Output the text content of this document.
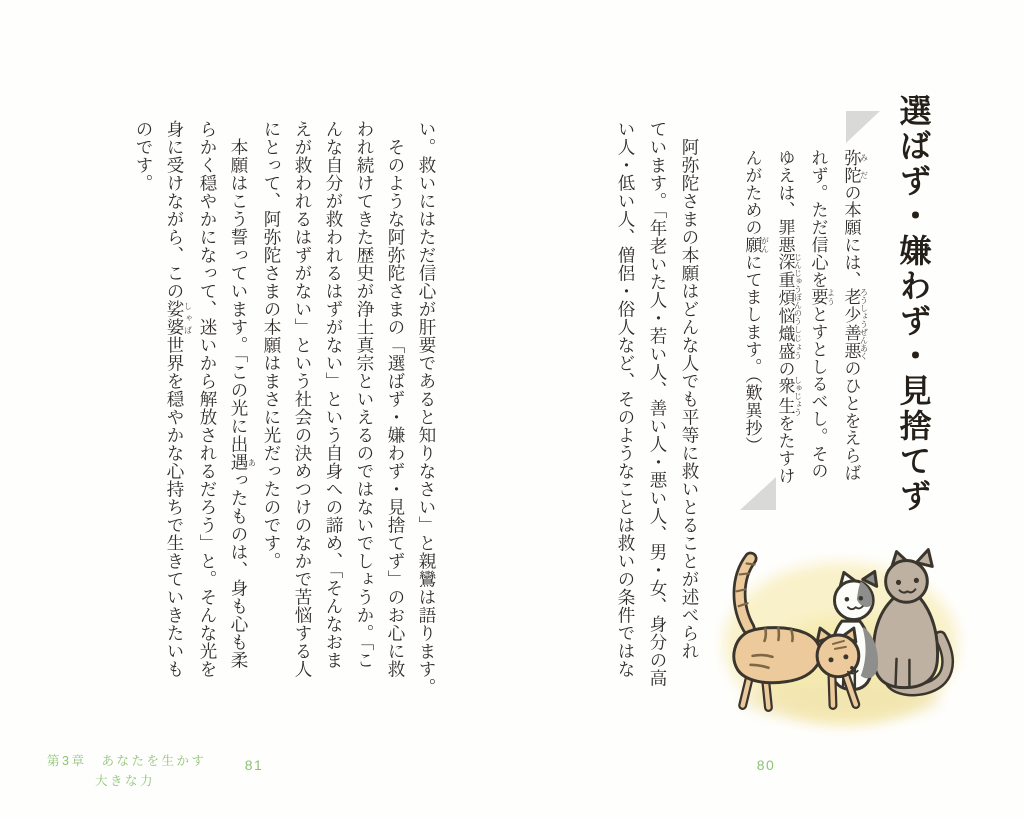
選ばず・嫌わず・見捨てず

弥陀 みだの本願には、老少善悪 ろうしょうぜんあくのひとをえらば

れず。ただ信心を要 ようとすとしるべし。その

ゆえは、罪悪深重煩悩 じんじゅうぼんのう熾盛 しじょうの衆生 しゅじょうをたすけ

んがための願 がんにてまします。（歎異抄）

　阿弥陀さまの本願はどんな人でも平等に救いとることが述べられ

ています。「年老いた人・若い人、善い人・悪い人、男・女、身分の高

い人・低い人、僧侶・俗人など、そのようなことは救いの条件ではな

80

い。救いにはただ信心が肝要であると知りなさい」と親鸞は語ります。

　そのような阿弥陀さまの「選ばず・嫌わず・見捨てず」のお心に救

われ続けてきた歴史が浄土真宗といえるのではないでしょうか。「こ

んな自分が救われるはずがない」という自身への諦め、「そんなおま

えが救われるはずがない」という社会の決めつけのなかで苦悩する人

にとって、阿弥陀さまの本願はまさに光だったのです。

　本願はこう誓っています。「この光に出遇あったものは、身も心も柔

らかく穏やかになって、迷いから解放されるだろう」と。そんな光を

身に受けながら、この娑婆しゃば世界を穏やかな心持ちで生きていきたいも

のです。

第3章　あなたを生かす
大きな力
81
